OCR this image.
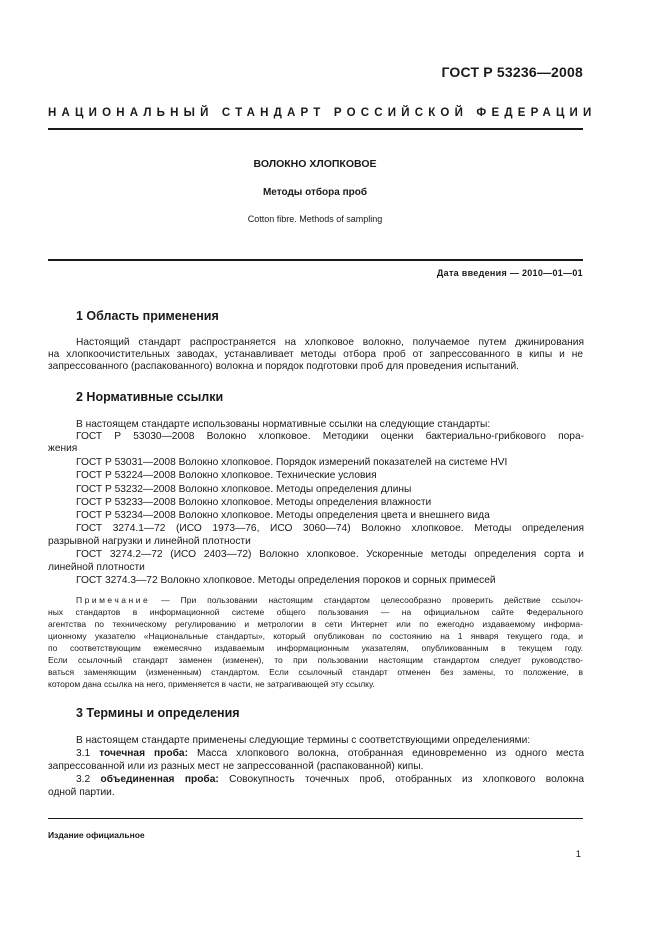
ГОСТ Р 53236—2008
НАЦИОНАЛЬНЫЙ СТАНДАРТ РОССИЙСКОЙ ФЕДЕРАЦИИ
ВОЛОКНО ХЛОПКОВОЕ
Методы отбора проб
Cotton fibre. Methods of sampling
Дата введения — 2010—01—01
1 Область применения
Настоящий стандарт распространяется на хлопковое волокно, получаемое путем джинирования
на хлопкоочистительных заводах, устанавливает методы отбора проб от запрессованного в кипы и не
запрессованного (распакованного) волокна и порядок подготовки проб для проведения испытаний.
2 Нормативные ссылки
В настоящем стандарте использованы нормативные ссылки на следующие стандарты:
ГОСТ Р 53030—2008 Волокно хлопковое. Методики оценки бактериально-грибкового пора-
жения
ГОСТ Р 53031—2008 Волокно хлопковое. Порядок измерений показателей на системе HVI
ГОСТ Р 53224—2008 Волокно хлопковое. Технические условия
ГОСТ Р 53232—2008 Волокно хлопковое. Методы определения длины
ГОСТ Р 53233—2008 Волокно хлопковое. Методы определения влажности
ГОСТ Р 53234—2008 Волокно хлопковое. Методы определения цвета и внешнего вида
ГОСТ 3274.1—72 (ИСО 1973—76, ИСО 3060—74) Волокно хлопковое. Методы определения
разрывной нагрузки и линейной плотности
ГОСТ 3274.2—72 (ИСО 2403—72) Волокно хлопковое. Ускоренные методы определения сорта и
линейной плотности
ГОСТ 3274.3—72 Волокно хлопковое. Методы определения пороков и сорных примесей
Примечание — При пользовании настоящим стандартом целесообразно проверить действие ссылоч-
ных стандартов в информационной системе общего пользования — на официальном сайте Федерального
агентства по техническому регулированию и метрологии в сети Интернет или по ежегодно издаваемому информа-
ционному указателю «Национальные стандарты», который опубликован по состоянию на 1 января текущего года, и
по соответствующим ежемесячно издаваемым информационным указателям, опубликованным в текущем году.
Если ссылочный стандарт заменен (изменен), то при пользовании настоящим стандартом следует руководство-
ваться заменяющим (измененным) стандартом. Если ссылочный стандарт отменен без замены, то положение, в
котором дана ссылка на него, применяется в части, не затрагивающей эту ссылку.
3 Термины и определения
В настоящем стандарте применены следующие термины с соответствующими определениями:
3.1 точечная проба: Масса хлопкового волокна, отобранная единовременно из одного места
запрессованной или из разных мест не запрессованной (распакованной) кипы.
3.2 объединенная проба: Совокупность точечных проб, отобранных из хлопкового волокна
одной партии.
Издание официальное
1
